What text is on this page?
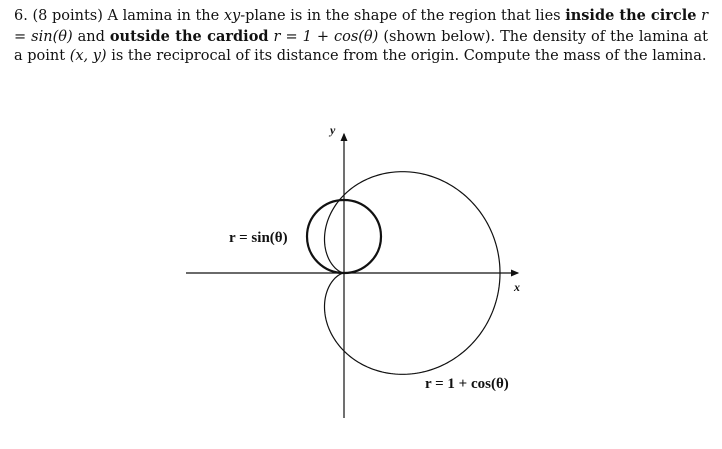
6. (8 points) A lamina in the xy-plane is in the shape of the region that lies inside the circle r = sin(θ) and outside the cardiod r = 1 + cos(θ) (shown below). The density of the lamina at a point (x, y) is the reciprocal of its distance from the origin. Compute the mass of the lamina.
y
x
r = sin(θ)
r = 1 + cos(θ)
